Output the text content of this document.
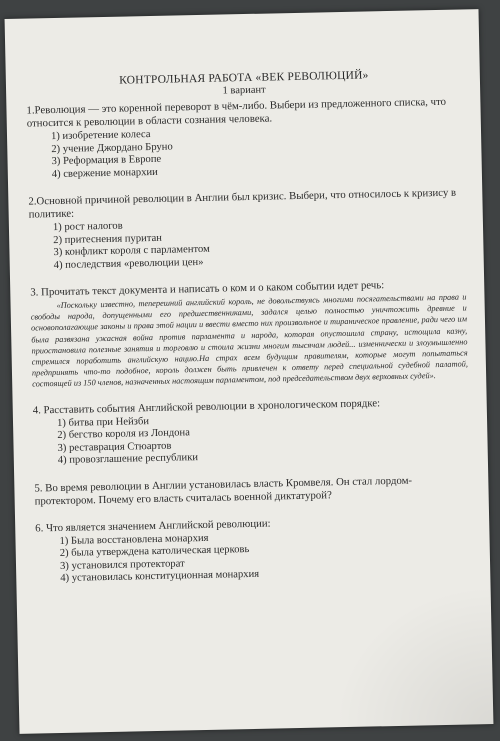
КОНТРОЛЬНАЯ РАБОТА «ВЕК РЕВОЛЮЦИЙ»

1 вариант

1.Революция — это коренной переворот в чём-либо. Выбери из предложенного списка, что относится к революции в области сознания человека.

1) изобретение колеса
2) учение Джордано Бруно
3) Реформация в Европе
4) свержение монархии

2.Основной причиной революции в Англии был кризис. Выбери, что относилось к кризису в политике:

1) рост налогов
2) притеснения пуритан
3) конфликт короля с парламентом
4) последствия «революции цен»

3. Прочитать текст документа и написать о ком и о каком событии идет речь:

«Поскольку известно, теперешний английский король, не довольствуясь многими посягательствами на права и свободы народа, допущенными его предшественниками, задался целью полностью уничтожить древние и основополагающие законы и права этой нации и ввести вместо них произвольное и тираническое правление, ради чего им была развязана ужасная война против парламента и народа, которая опустошила страну, истощила казну, приостановила полезные занятия и торговлю и стоила жизни многим тысячам людей... изменнически и злоумышленно стремился поработить английскую нацию.На страх всем будущим правителям, которые могут попытаться предпринять что-то подобное, король должен быть привлечен к ответу перед специальной судебной палатой, состоящей из 150 членов, назначенных настоящим парламентом, под председательством двух верховных судей».

4. Расставить события Английской революции в хронологическом порядке:

1) битва при Нейзби
2) бегство короля из Лондона
3) реставрация Стюартов
4) провозглашение республики

5. Во время революции в Англии установилась власть Кромвеля. Он стал лордом-протектором. Почему его власть считалась военной диктатурой?

6. Что является значением Английской революции:

1) Была восстановлена монархия
2) была утверждена католическая церковь
3) установился протекторат
4) установилась конституционная монархия
